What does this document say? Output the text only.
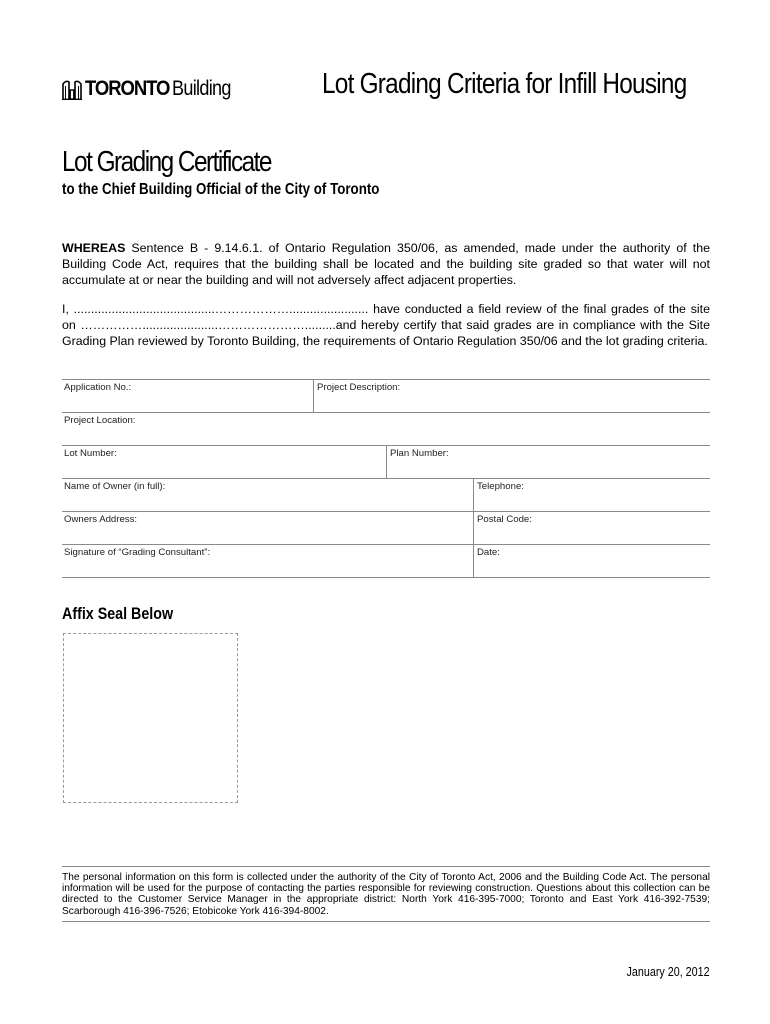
TORONTO Building	Lot Grading Criteria for Infill Housing
Lot Grading Certificate
to the Chief Building Official of the City of Toronto
WHEREAS Sentence B - 9.14.6.1. of Ontario Regulation 350/06, as amended, made under the authority of the Building Code Act, requires that the building shall be located and the building site graded so that water will not accumulate at or near the building and will not adversely affect adjacent properties.
I, .........................................………………....................... have conducted a field review of the final grades of the site on ……………......................………………….........and hereby certify that said grades are in compliance with the Site Grading Plan reviewed by Toronto Building, the requirements of Ontario Regulation 350/06 and the lot grading criteria.
Application No.:	Project Description:
Project Location:
Lot Number:	Plan Number:
Name of Owner (in full):	Telephone:
Owners Address:	Postal Code:
Signature of “Grading Consultant”:	Date:
Affix Seal Below
The personal information on this form is collected under the authority of the City of Toronto Act, 2006 and the Building Code Act. The personal information will be used for the purpose of contacting the parties responsible for reviewing construction. Questions about this collection can be directed to the Customer Service Manager in the appropriate district: North York 416-395-7000; Toronto and East York 416-392-7539; Scarborough 416-396-7526; Etobicoke York 416-394-8002.
January 20, 2012
